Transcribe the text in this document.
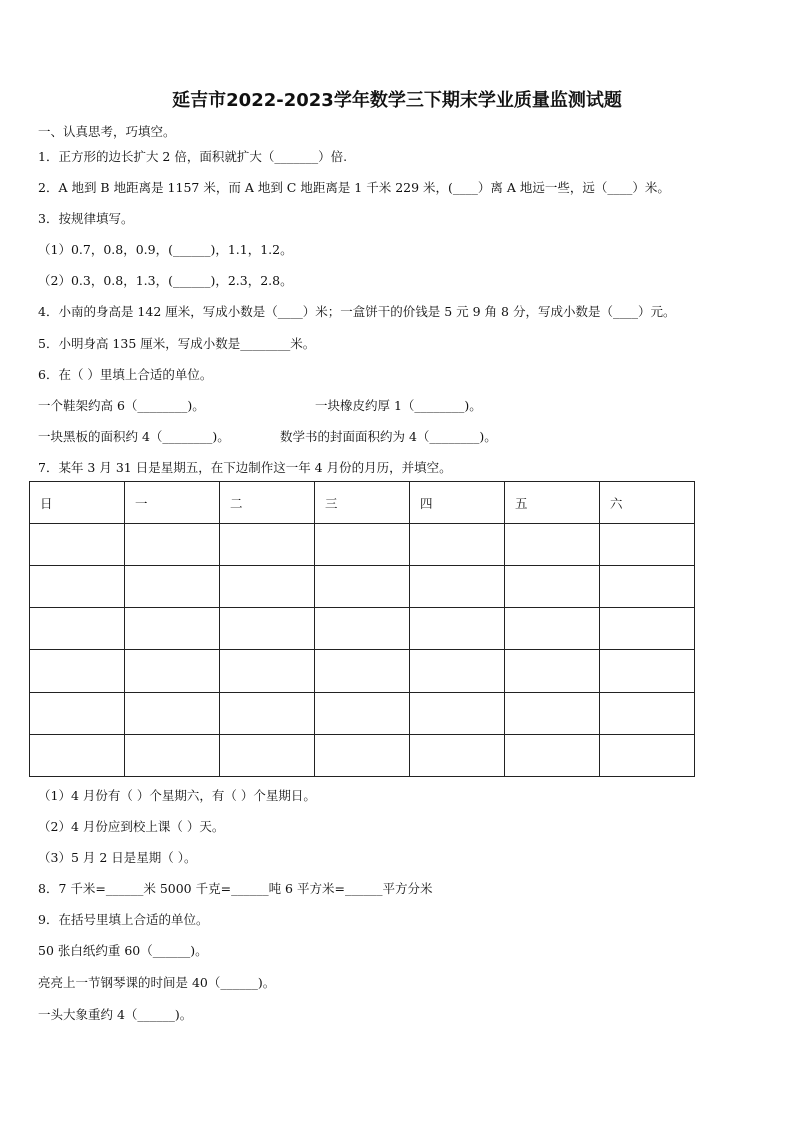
延吉市2022-2023学年数学三下期末学业质量监测试题
一、认真思考，巧填空。
1．正方形的边长扩大 2 倍，面积就扩大（_______）倍.
2．A 地到 B 地距离是 1157 米，而 A 地到 C 地距离是 1 千米 229 米，(____）离 A 地远一些，远（____）米。
3．按规律填写。
（1）0.7，0.8，0.9，(______)，1.1，1.2。
（2）0.3，0.8，1.3，(______)，2.3，2.8。
4．小南的身高是 142 厘米，写成小数是（____）米；一盒饼干的价钱是 5 元 9 角 8 分，写成小数是（____）元。
5．小明身高 135 厘米，写成小数是________米。
6．在（ ）里填上合适的单位。
一个鞋架约高 6（________)。	一块橡皮约厚 1（________)。
一块黑板的面积约 4（________)。	数学书的封面面积约为 4（________)。
7．某年 3 月 31 日是星期五，在下边制作这一年 4 月份的月历，并填空。
日	一	二	三	四	五	六

（1）4 月份有（ ）个星期六，有（ ）个星期日。
（2）4 月份应到校上课（ ）天。
（3）5 月 2 日是星期（ ）。
8．7 千米=______米 5000 千克=______吨 6 平方米=______平方分米
9．在括号里填上合适的单位。
50 张白纸约重 60（______)。
亮亮上一节钢琴课的时间是 40（______)。
一头大象重约 4（______)。
